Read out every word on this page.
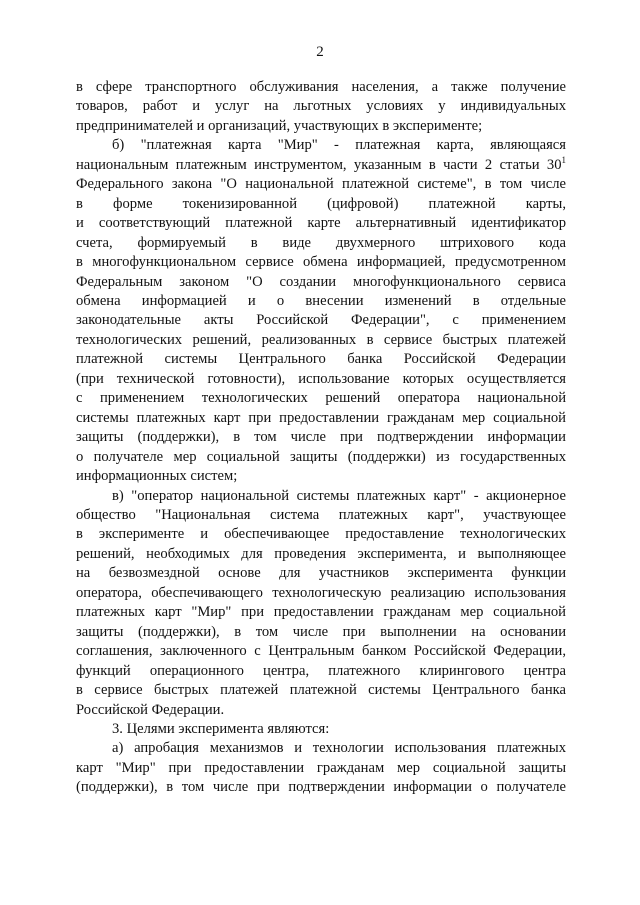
2
в сфере транспортного обслуживания населения, а также получение
товаров, работ и услуг на льготных условиях у индивидуальных
предпринимателей и организаций, участвующих в эксперименте;
б) "платежная карта "Мир" - платежная карта, являющаяся
национальным платежным инструментом, указанным в части 2 статьи $30^1$
Федерального закона "О национальной платежной системе", в том числе
в форме токенизированной (цифровой) платежной карты,
и соответствующий платежной карте альтернативный идентификатор
счета, формируемый в виде двухмерного штрихового кода
в многофункциональном сервисе обмена информацией, предусмотренном
Федеральным законом "О создании многофункционального сервиса
обмена информацией и о внесении изменений в отдельные
законодательные акты Российской Федерации", с применением
технологических решений, реализованных в сервисе быстрых платежей
платежной системы Центрального банка Российской Федерации
(при технической готовности), использование которых осуществляется
с применением технологических решений оператора национальной
системы платежных карт при предоставлении гражданам мер социальной
защиты (поддержки), в том числе при подтверждении информации
о получателе мер социальной защиты (поддержки) из государственных
информационных систем;
в) "оператор национальной системы платежных карт" - акционерное
общество "Национальная система платежных карт", участвующее
в эксперименте и обеспечивающее предоставление технологических
решений, необходимых для проведения эксперимента, и выполняющее
на безвозмездной основе для участников эксперимента функции
оператора, обеспечивающего технологическую реализацию использования
платежных карт "Мир" при предоставлении гражданам мер социальной
защиты (поддержки), в том числе при выполнении на основании
соглашения, заключенного с Центральным банком Российской Федерации,
функций операционного центра, платежного клирингового центра
в сервисе быстрых платежей платежной системы Центрального банка
Российской Федерации.
3. Целями эксперимента являются:
а) апробация механизмов и технологии использования платежных
карт "Мир" при предоставлении гражданам мер социальной защиты
(поддержки), в том числе при подтверждении информации о получателе
